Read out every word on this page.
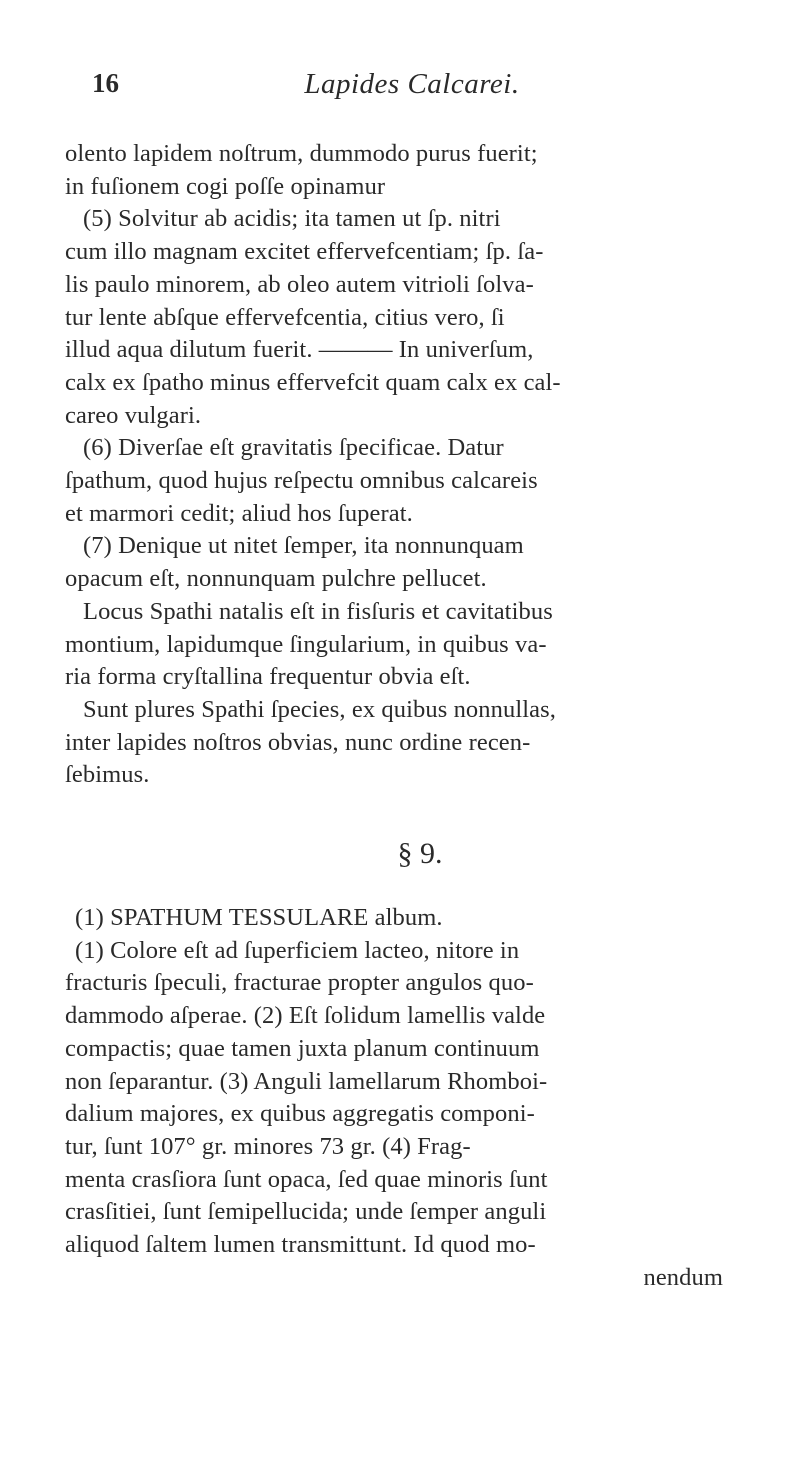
16	Lapides Calcarei.
olento lapidem noſtrum, dummodo purus fuerit;
in fuſionem cogi poſſe opinamur
(5) Solvitur ab acidis; ita tamen ut ſp. nitri
cum illo magnam excitet effervefcentiam; ſp. ſa-
lis paulo minorem, ab oleo autem vitrioli ſolva-
tur lente abſque effervefcentia, citius vero, ſi
illud aqua dilutum fuerit. ——— In univerſum,
calx ex ſpatho minus effervefcit quam calx ex cal-
careo vulgari.
(6) Diverſae eſt gravitatis ſpecificae. Datur
ſpathum, quod hujus reſpectu omnibus calcareis
et marmori cedit; aliud hos ſuperat.
(7) Denique ut nitet ſemper, ita nonnunquam
opacum eſt, nonnunquam pulchre pellucet.
Locus Spathi natalis eſt in fisſuris et cavitatibus
montium, lapidumque ſingularium, in quibus va-
ria forma cryſtallina frequentur obvia eſt.
Sunt plures Spathi ſpecies, ex quibus nonnullas,
inter lapides noſtros obvias, nunc ordine recen-
ſebimus.
§ 9.
(1) SPATHUM TESSULARE album.
(1) Colore eſt ad ſuperficiem lacteo, nitore in
fracturis ſpeculi, fracturae propter angulos quo-
dammodo aſperae. (2) Eſt ſolidum lamellis valde
compactis; quae tamen juxta planum continuum
non ſeparantur. (3) Anguli lamellarum Rhomboi-
dalium majores, ex quibus aggregatis componi-
tur, ſunt 107° gr. minores 73 gr. (4) Frag-
menta crasſiora ſunt opaca, ſed quae minoris ſunt
crasſitiei, ſunt ſemipellucida; unde ſemper anguli
aliquod ſaltem lumen transmittunt. Id quod mo-
nendum
